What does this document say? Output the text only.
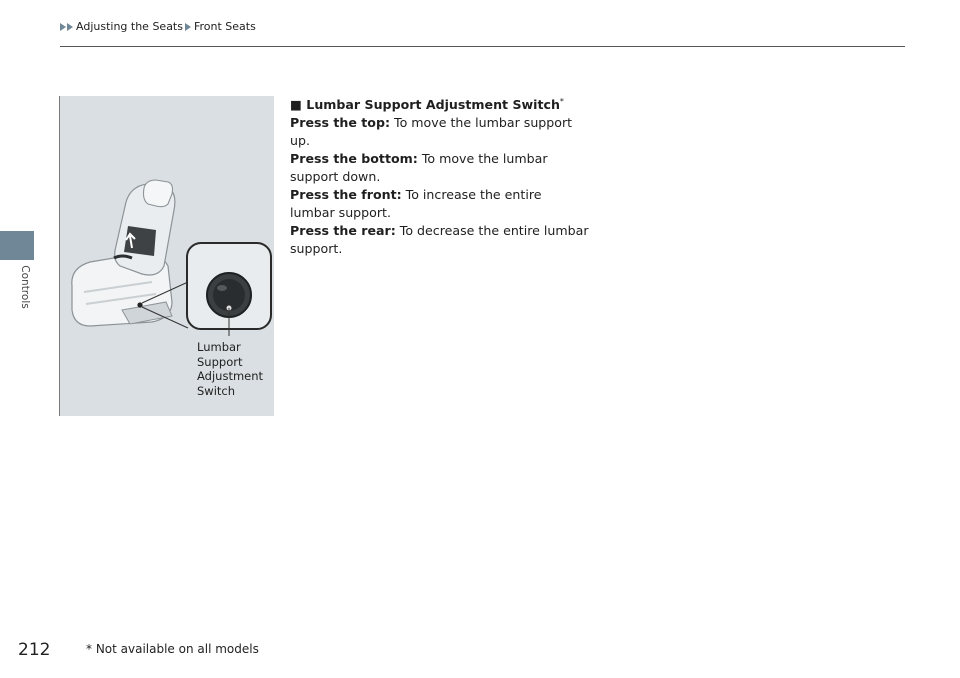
Adjusting the Seats Front Seats
Controls
Lumbar
Support
Adjustment
Switch
■ Lumbar Support Adjustment Switch*
Press the top: To move the lumbar support up.
Press the bottom: To move the lumbar support down.
Press the front: To increase the entire lumbar support.
Press the rear: To decrease the entire lumbar support.
212	* Not available on all models
